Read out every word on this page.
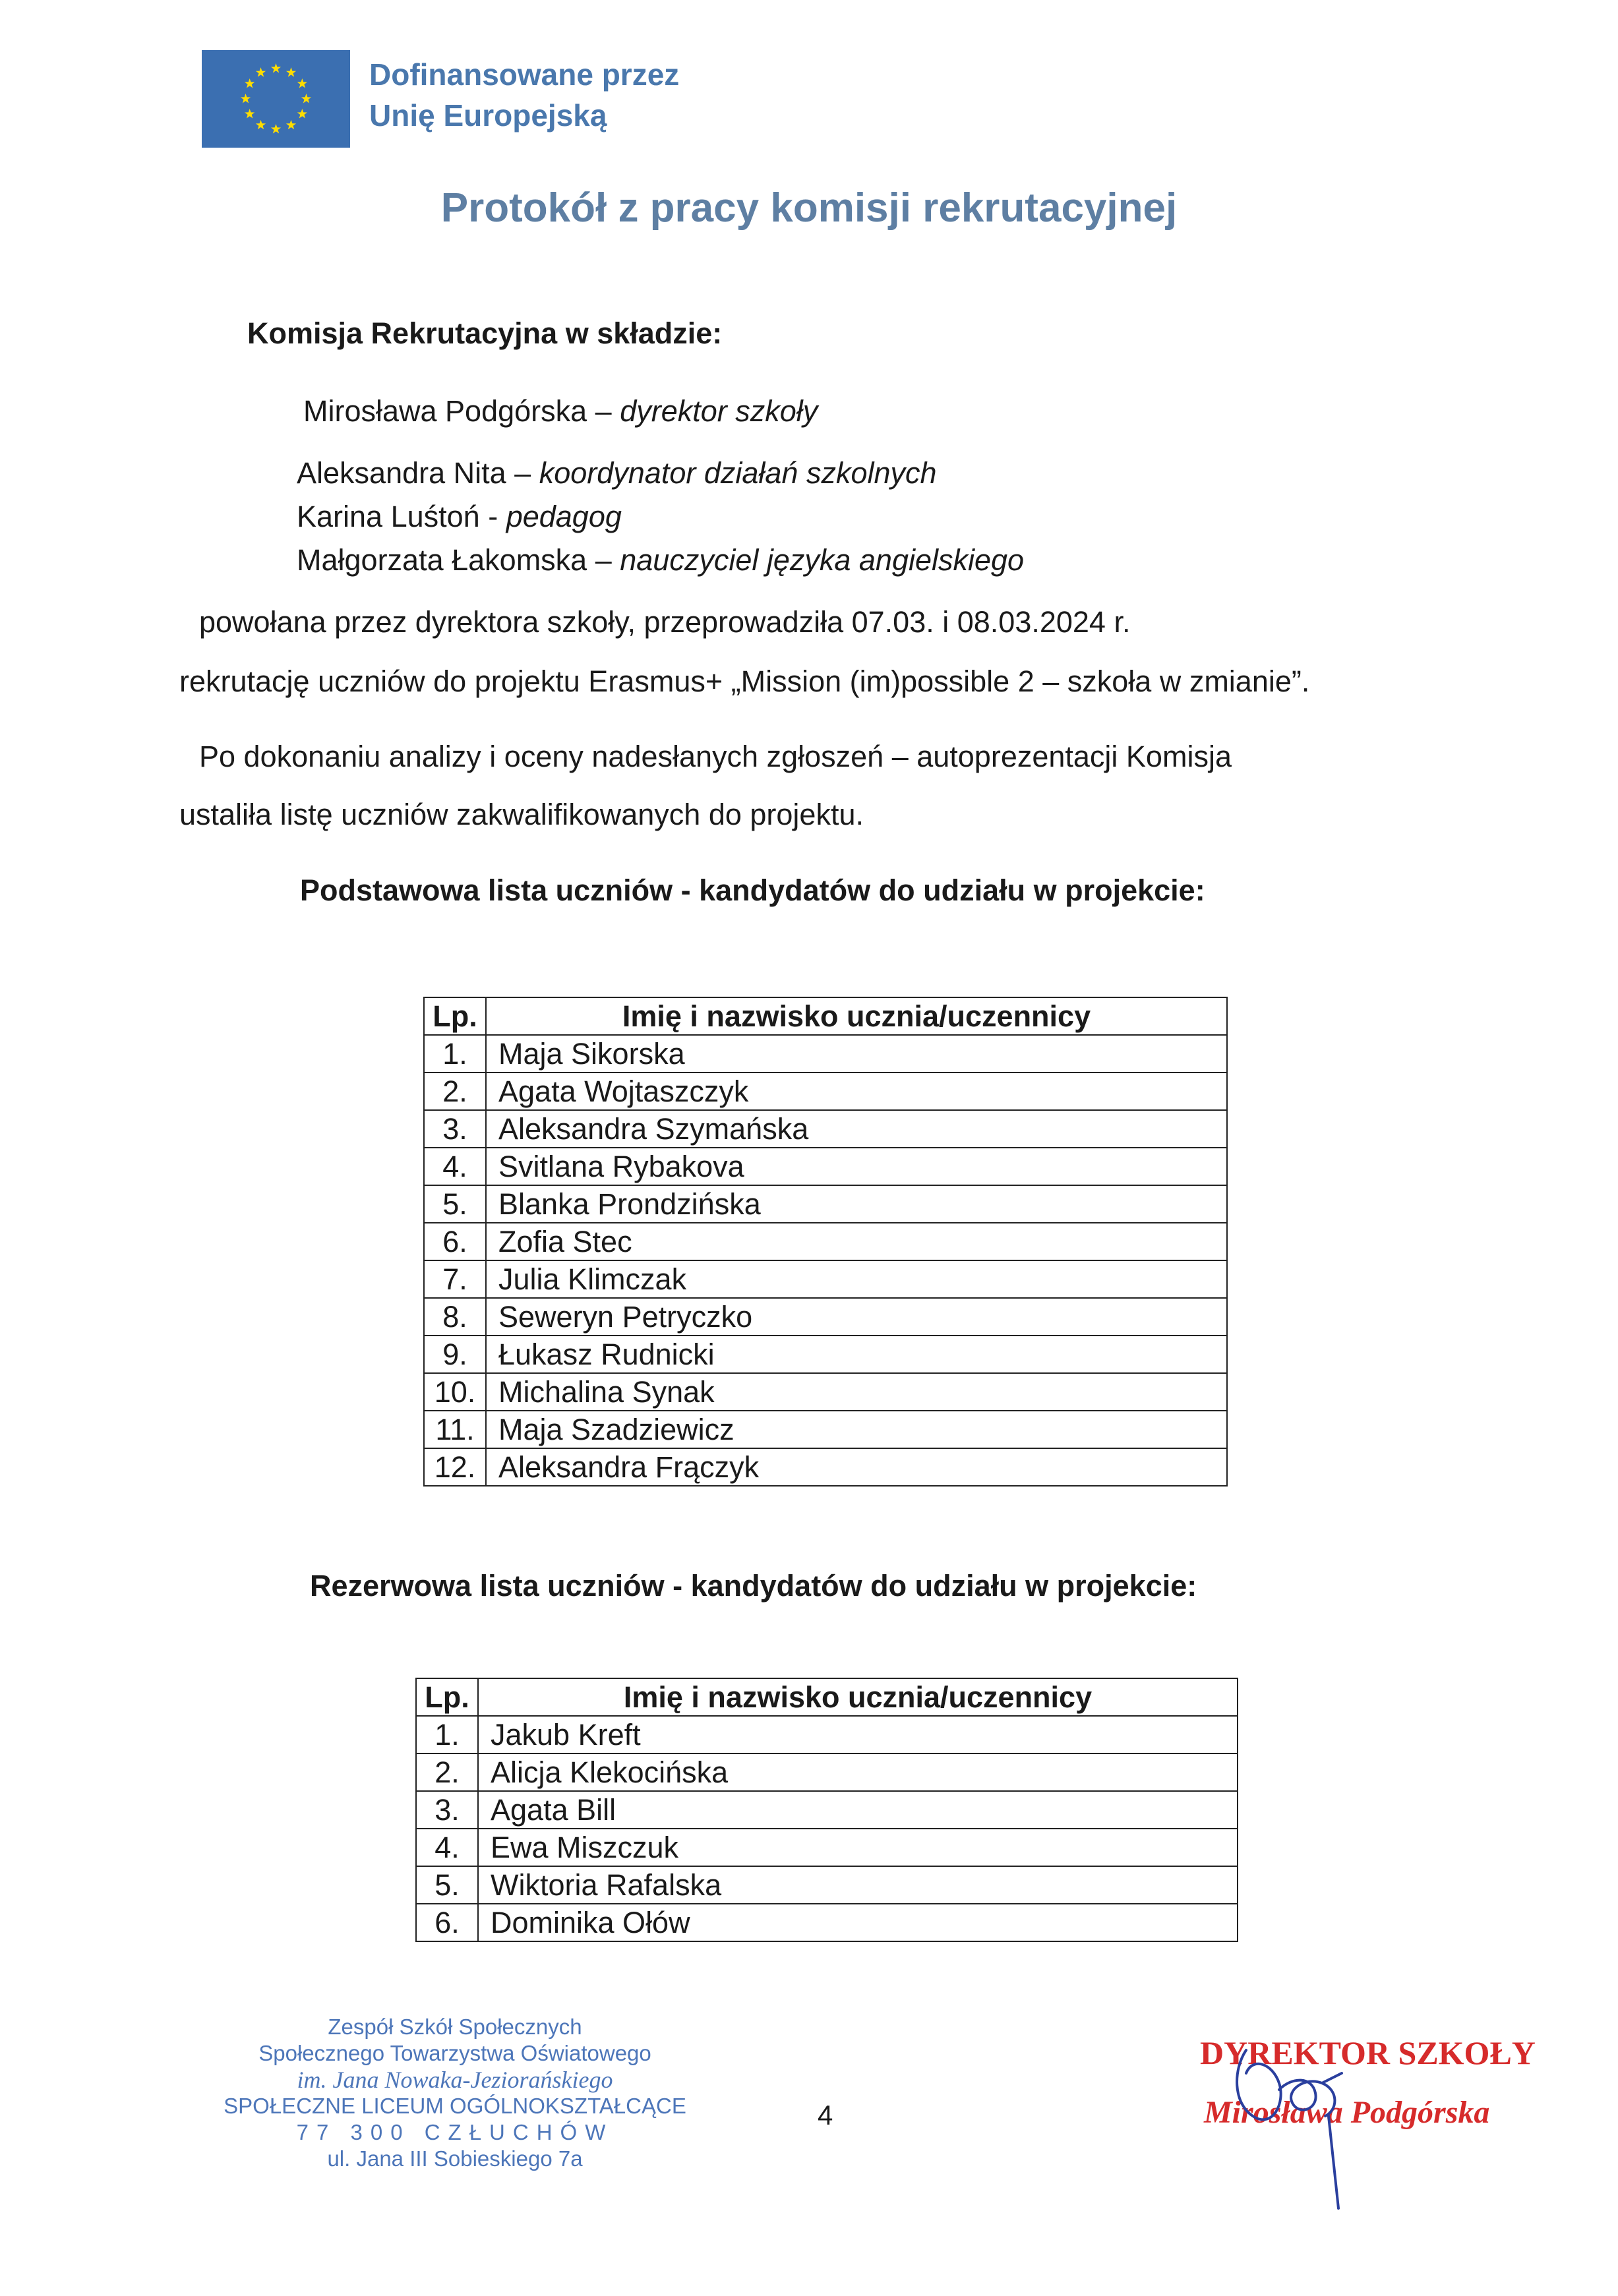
Dofinansowane przez
Unię Europejską
Protokół z pracy komisji rekrutacyjnej
Komisja Rekrutacyjna w składzie:
Mirosława Podgórska – dyrektor szkoły
Aleksandra Nita – koordynator działań szkolnych
Karina Luśtoń - pedagog
Małgorzata Łakomska – nauczyciel języka angielskiego
powołana przez dyrektora szkoły, przeprowadziła 07.03. i 08.03.2024 r.
rekrutację uczniów do projektu Erasmus+ „Mission (im)possible 2 – szkoła w zmianie”.
Po dokonaniu analizy i oceny nadesłanych zgłoszeń – autoprezentacji Komisja
ustaliła listę uczniów zakwalifikowanych do projektu.
Podstawowa lista uczniów - kandydatów do udziału w projekcie:
Lp.	Imię i nazwisko ucznia/uczennicy
1.	Maja Sikorska
2.	Agata Wojtaszczyk
3.	Aleksandra Szymańska
4.	Svitlana Rybakova
5.	Blanka Prondzińska
6.	Zofia Stec
7.	Julia Klimczak
8.	Seweryn Petryczko
9.	Łukasz Rudnicki
10.	Michalina Synak
11.	Maja Szadziewicz
12.	Aleksandra Frączyk
Rezerwowa lista uczniów - kandydatów do udziału w projekcie:
Lp.	Imię i nazwisko ucznia/uczennicy
1.	Jakub Kreft
2.	Alicja Klekocińska
3.	Agata Bill
4.	Ewa Miszczuk
5.	Wiktoria Rafalska
6.	Dominika Ołów
Zespół Szkół Społecznych
Społecznego Towarzystwa Oświatowego
im. Jana Nowaka-Jeziorańskiego
SPOŁECZNE LICEUM OGÓLNOKSZTAŁCĄCE
77 300 CZŁUCHÓW
ul. Jana III Sobieskiego 7a
4
DYREKTOR SZKOŁY
Mirosława Podgórska
